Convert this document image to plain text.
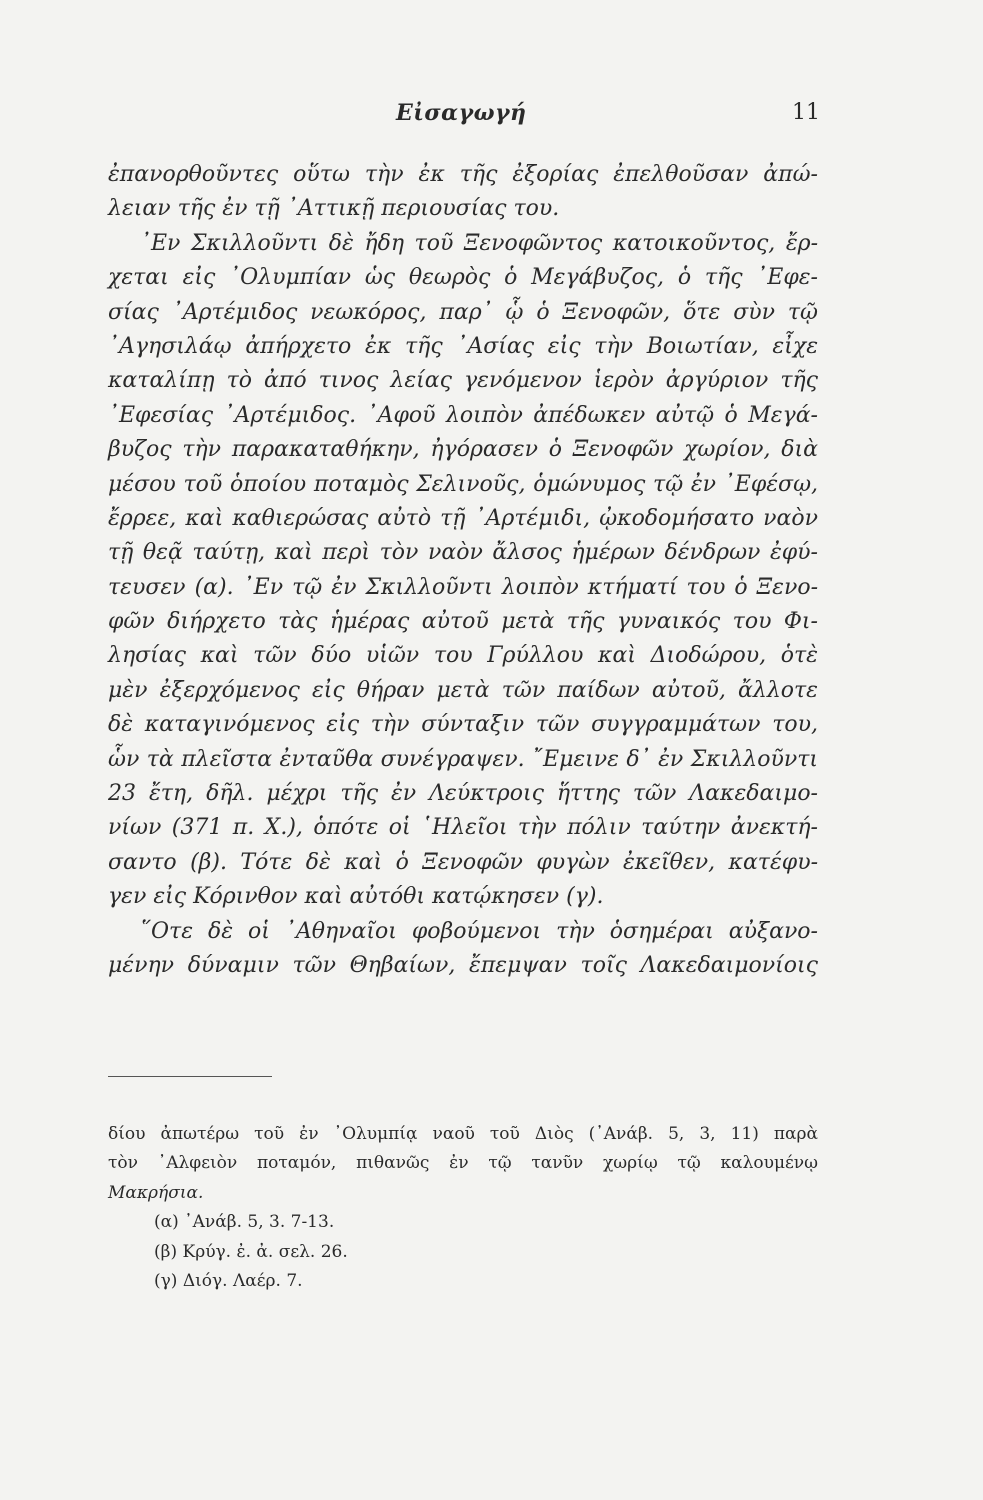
Εἰσαγωγή	11
ἐπανορθοῦντες οὕτω τὴν ἐκ τῆς ἐξορίας ἐπελθοῦσαν ἀπώ-
λειαν τῆς ἐν τῇ ᾿Αττικῇ περιουσίας του.
᾿Εν Σκιλλοῦντι δὲ ἤδη τοῦ Ξενοφῶντος κατοικοῦντος, ἔρ-
χεται εἰς ᾿Ολυμπίαν ὡς θεωρὸς ὁ Μεγάβυζος, ὁ τῆς ᾿Εφε-
σίας ᾿Αρτέμιδος νεωκόρος, παρ᾿ ᾧ ὁ Ξενοφῶν, ὅτε σὺν τῷ
᾿Αγησιλάῳ ἀπήρχετο ἐκ τῆς ᾿Ασίας εἰς τὴν Βοιωτίαν, εἶχε
καταλίπῃ τὸ ἀπό τινος λείας γενόμενον ἱερὸν ἀργύριον τῆς
᾿Εφεσίας ᾿Αρτέμιδος. ᾿Αφοῦ λοιπὸν ἀπέδωκεν αὐτῷ ὁ Μεγά-
βυζος τὴν παρακαταθήκην, ἠγόρασεν ὁ Ξενοφῶν χωρίον, διὰ
μέσου τοῦ ὁποίου ποταμὸς Σελινοῦς, ὁμώνυμος τῷ ἐν ᾿Εφέσῳ,
ἔρρεε, καὶ καθιερώσας αὐτὸ τῇ ᾿Αρτέμιδι, ᾠκοδομήσατο ναὸν
τῇ θεᾷ ταύτῃ, καὶ περὶ τὸν ναὸν ἄλσος ἡμέρων δένδρων ἐφύ-
τευσεν (α). ᾿Εν τῷ ἐν Σκιλλοῦντι λοιπὸν κτήματί του ὁ Ξενο-
φῶν διήρχετο τὰς ἡμέρας αὐτοῦ μετὰ τῆς γυναικός του Φι-
λησίας καὶ τῶν δύο υἱῶν του Γρύλλου καὶ Διοδώρου, ὁτὲ
μὲν ἐξερχόμενος εἰς θήραν μετὰ τῶν παίδων αὐτοῦ, ἄλλοτε
δὲ καταγινόμενος εἰς τὴν σύνταξιν τῶν συγγραμμάτων του,
ὧν τὰ πλεῖστα ἐνταῦθα συνέγραψεν. ῎Εμεινε δ᾿ ἐν Σκιλλοῦντι
23 ἔτη, δῆλ. μέχρι τῆς ἐν Λεύκτροις ἥττης τῶν Λακεδαιμο-
νίων (371 π. Χ.), ὁπότε οἱ ῾Ηλεῖοι τὴν πόλιν ταύτην ἀνεκτή-
σαντο (β). Τότε δὲ καὶ ὁ Ξενοφῶν φυγὼν ἐκεῖθεν, κατέφυ-
γεν εἰς Κόρινθον καὶ αὐτόθι κατῴκησεν (γ).
῞Οτε δὲ οἱ ᾿Αθηναῖοι φοβούμενοι τὴν ὁσημέραι αὐξανο-
μένην δύναμιν τῶν Θηβαίων, ἔπεμψαν τοῖς Λακεδαιμονίοις
δίου ἀπωτέρω τοῦ ἐν ᾿Ολυμπίᾳ ναοῦ τοῦ Διὸς (᾿Ανάβ. 5, 3, 11) παρὰ
τὸν ᾿Αλφειὸν ποταμόν, πιθανῶς ἐν τῷ τανῦν χωρίῳ τῷ καλουμένῳ
Μακρήσια.
(α) ᾿Ανάβ. 5, 3. 7-13.
(β) Κρύγ. ἐ. ἀ. σελ. 26.
(γ) Διόγ. Λαέρ. 7.
